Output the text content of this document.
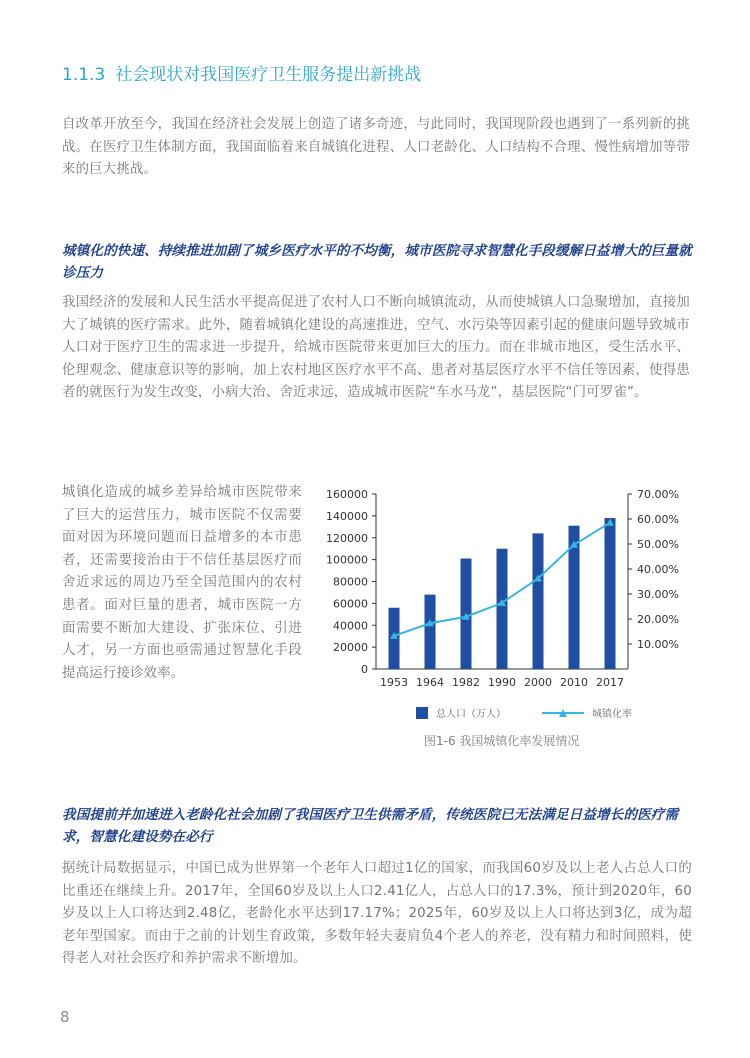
1.1.3 社会现状对我国医疗卫生服务提出新挑战

自改革开放至今，我国在经济社会发展上创造了诸多奇迹，与此同时，我国现阶段也遇到了一系列新的挑战。在医疗卫生体制方面，我国面临着来自城镇化进程、人口老龄化、人口结构不合理、慢性病增加等带来的巨大挑战。

城镇化的快速、持续推进加剧了城乡医疗水平的不均衡，城市医院寻求智慧化手段缓解日益增大的巨量就诊压力

我国经济的发展和人民生活水平提高促进了农村人口不断向城镇流动，从而使城镇人口急聚增加，直接加大了城镇的医疗需求。此外，随着城镇化建设的高速推进，空气、水污染等因素引起的健康问题导致城市人口对于医疗卫生的需求进一步提升，给城市医院带来更加巨大的压力。而在非城市地区，受生活水平、伦理观念、健康意识等的影响，加上农村地区医疗水平不高、患者对基层医疗水平不信任等因素，使得患者的就医行为发生改变，小病大治、舍近求远，造成城市医院“车水马龙”，基层医院“门可罗雀”。

城镇化造成的城乡差异给城市医院带来了巨大的运营压力，城市医院不仅需要面对因为环境问题而日益增多的本市患者，还需要接治由于不信任基层医疗而舍近求远的周边乃至全国范围内的农村患者。面对巨量的患者，城市医院一方面需要不断加大建设、扩张床位、引进人才，另一方面也亟需通过智慧化手段提高运行接诊效率。	0
20000
40000
60000
80000
100000
120000
140000
160000
10.00%
20.00%
30.00%
40.00%
50.00%
60.00%
70.00%
1953 1964 1982 1990 2000 2010 2017
总人口（万人）	城镇化率
图1-6 我国城镇化率发展情况

我国提前并加速进入老龄化社会加剧了我国医疗卫生供需矛盾，传统医院已无法满足日益增长的医疗需求，智慧化建设势在必行

据统计局数据显示，中国已成为世界第一个老年人口超过1亿的国家，而我国60岁及以上老人占总人口的比重还在继续上升。2017年，全国60岁及以上人口2.41亿人，占总人口的17.3%，预计到2020年，60岁及以上人口将达到2.48亿，老龄化水平达到17.17%；2025年，60岁及以上人口将达到3亿，成为超老年型国家。而由于之前的计划生育政策，多数年轻夫妻肩负4个老人的养老，没有精力和时间照料，使得老人对社会医疗和养护需求不断增加。

8
